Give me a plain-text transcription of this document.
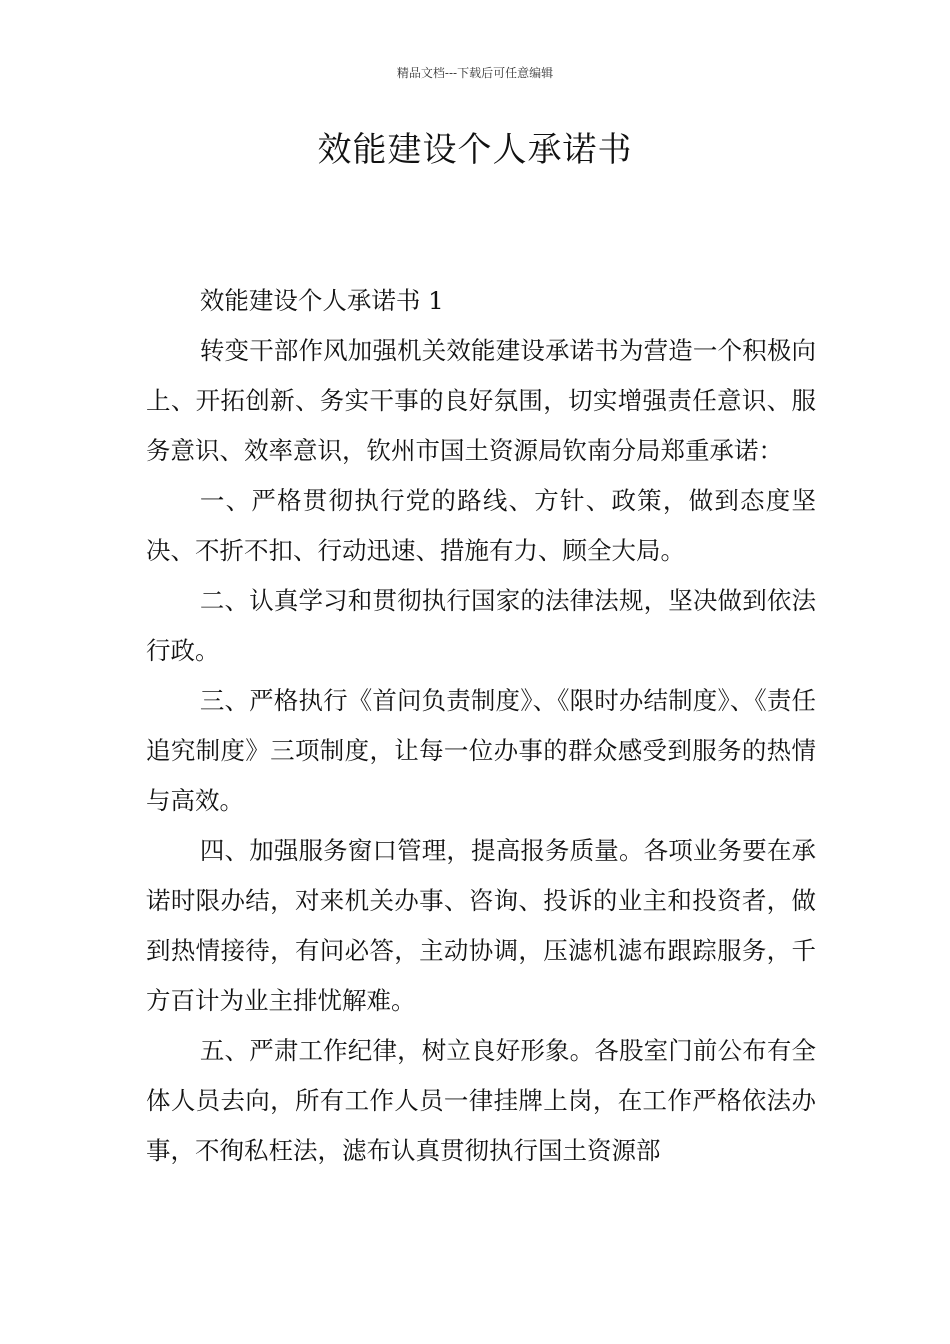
精品文档---下载后可任意编辑
效能建设个人承诺书

效能建设个人承诺书 1

转变干部作风加强机关效能建设承诺书为营造一个积极向上、开拓创新、务实干事的良好氛围，切实增强责任意识、服务意识、效率意识，钦州市国土资源局钦南分局郑重承诺：

一、严格贯彻执行党的路线、方针、政策，做到态度坚决、不折不扣、行动迅速、措施有力、顾全大局。

二、认真学习和贯彻执行国家的法律法规，坚决做到依法行政。

三、严格执行《首问负责制度》、《限时办结制度》、《责任追究制度》三项制度，让每一位办事的群众感受到服务的热情与高效。

四、加强服务窗口管理，提高报务质量。各项业务要在承诺时限办结，对来机关办事、咨询、投诉的业主和投资者，做到热情接待，有问必答，主动协调，压滤机滤布跟踪服务，千方百计为业主排忧解难。

五、严肃工作纪律，树立良好形象。各股室门前公布有全体人员去向，所有工作人员一律挂牌上岗，在工作严格依法办事，不徇私枉法，滤布认真贯彻执行国土资源部
